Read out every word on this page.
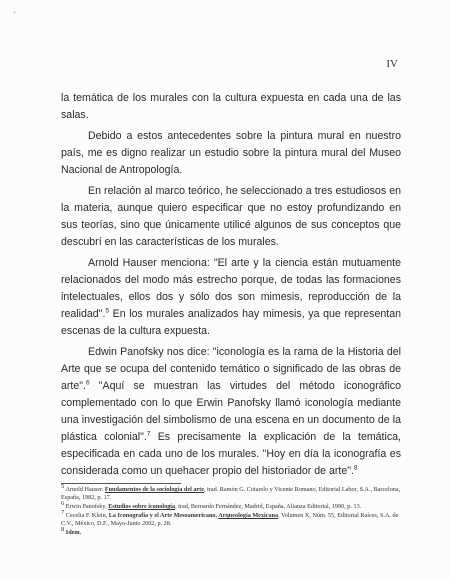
'
IV

la temática de los murales con la cultura expuesta en cada una de las salas.

Debido a estos antecedentes sobre la pintura mural en nuestro país, me es digno realizar un estudio sobre la pintura mural del Museo Nacional de Antropología.

En relación al marco teórico, he seleccionado a tres estudiosos en la materia, aunque quiero especificar que no estoy profundizando en sus teorías, sino que únicamente utilicé algunos de sus conceptos que descubrí en las características de los murales.

Arnold Hauser menciona: "El arte y la ciencia están mutuamente relacionados del modo más estrecho porque, de todas las formaciones intelectuales, ellos dos y sólo dos son mimesis, reproducción de la realidad".$^5$ En los murales analizados hay mimesis, ya que representan escenas de la cultura expuesta.

Edwin Panofsky nos dice: "iconología es la rama de la Historia del Arte que se ocupa del contenido temático o significado de las obras de arte".$^6$ "Aquí se muestran las virtudes del método iconográfico complementado con lo que Erwin Panofsky llamó iconología mediante una investigación del simbolismo de una escena en un documento de la plástica colonial".$^7$ Es precisamente la explicación de la temática, especificada en cada uno de los murales. "Hoy en día la iconografía es considerada como un quehacer propio del historiador de arte".$^8$

$^5$ Arnold Hauser. Fundamentos de la sociología del arte, trad. Ramón G. Cotarelo y Vicente Romano, Editorial Labor, S.A., Barcelona, España, 1982, p. 17.

$^6$ Erwin Panofsky, Estudios sobre iconología, trad, Bernardo Fernández, Madrid, España, Alianza Editorial, 1990, p. 13.

$^7$ Cecelia F. Klein, La Iconografía y el Arte Mesoamericano, Arqueología Mexicana, Volumen X, Núm. 55, Editorial Raíces, S.A. de C.V., México, D.F., Mayo-Junio 2002, p. 28.

$^8$ Idem.
